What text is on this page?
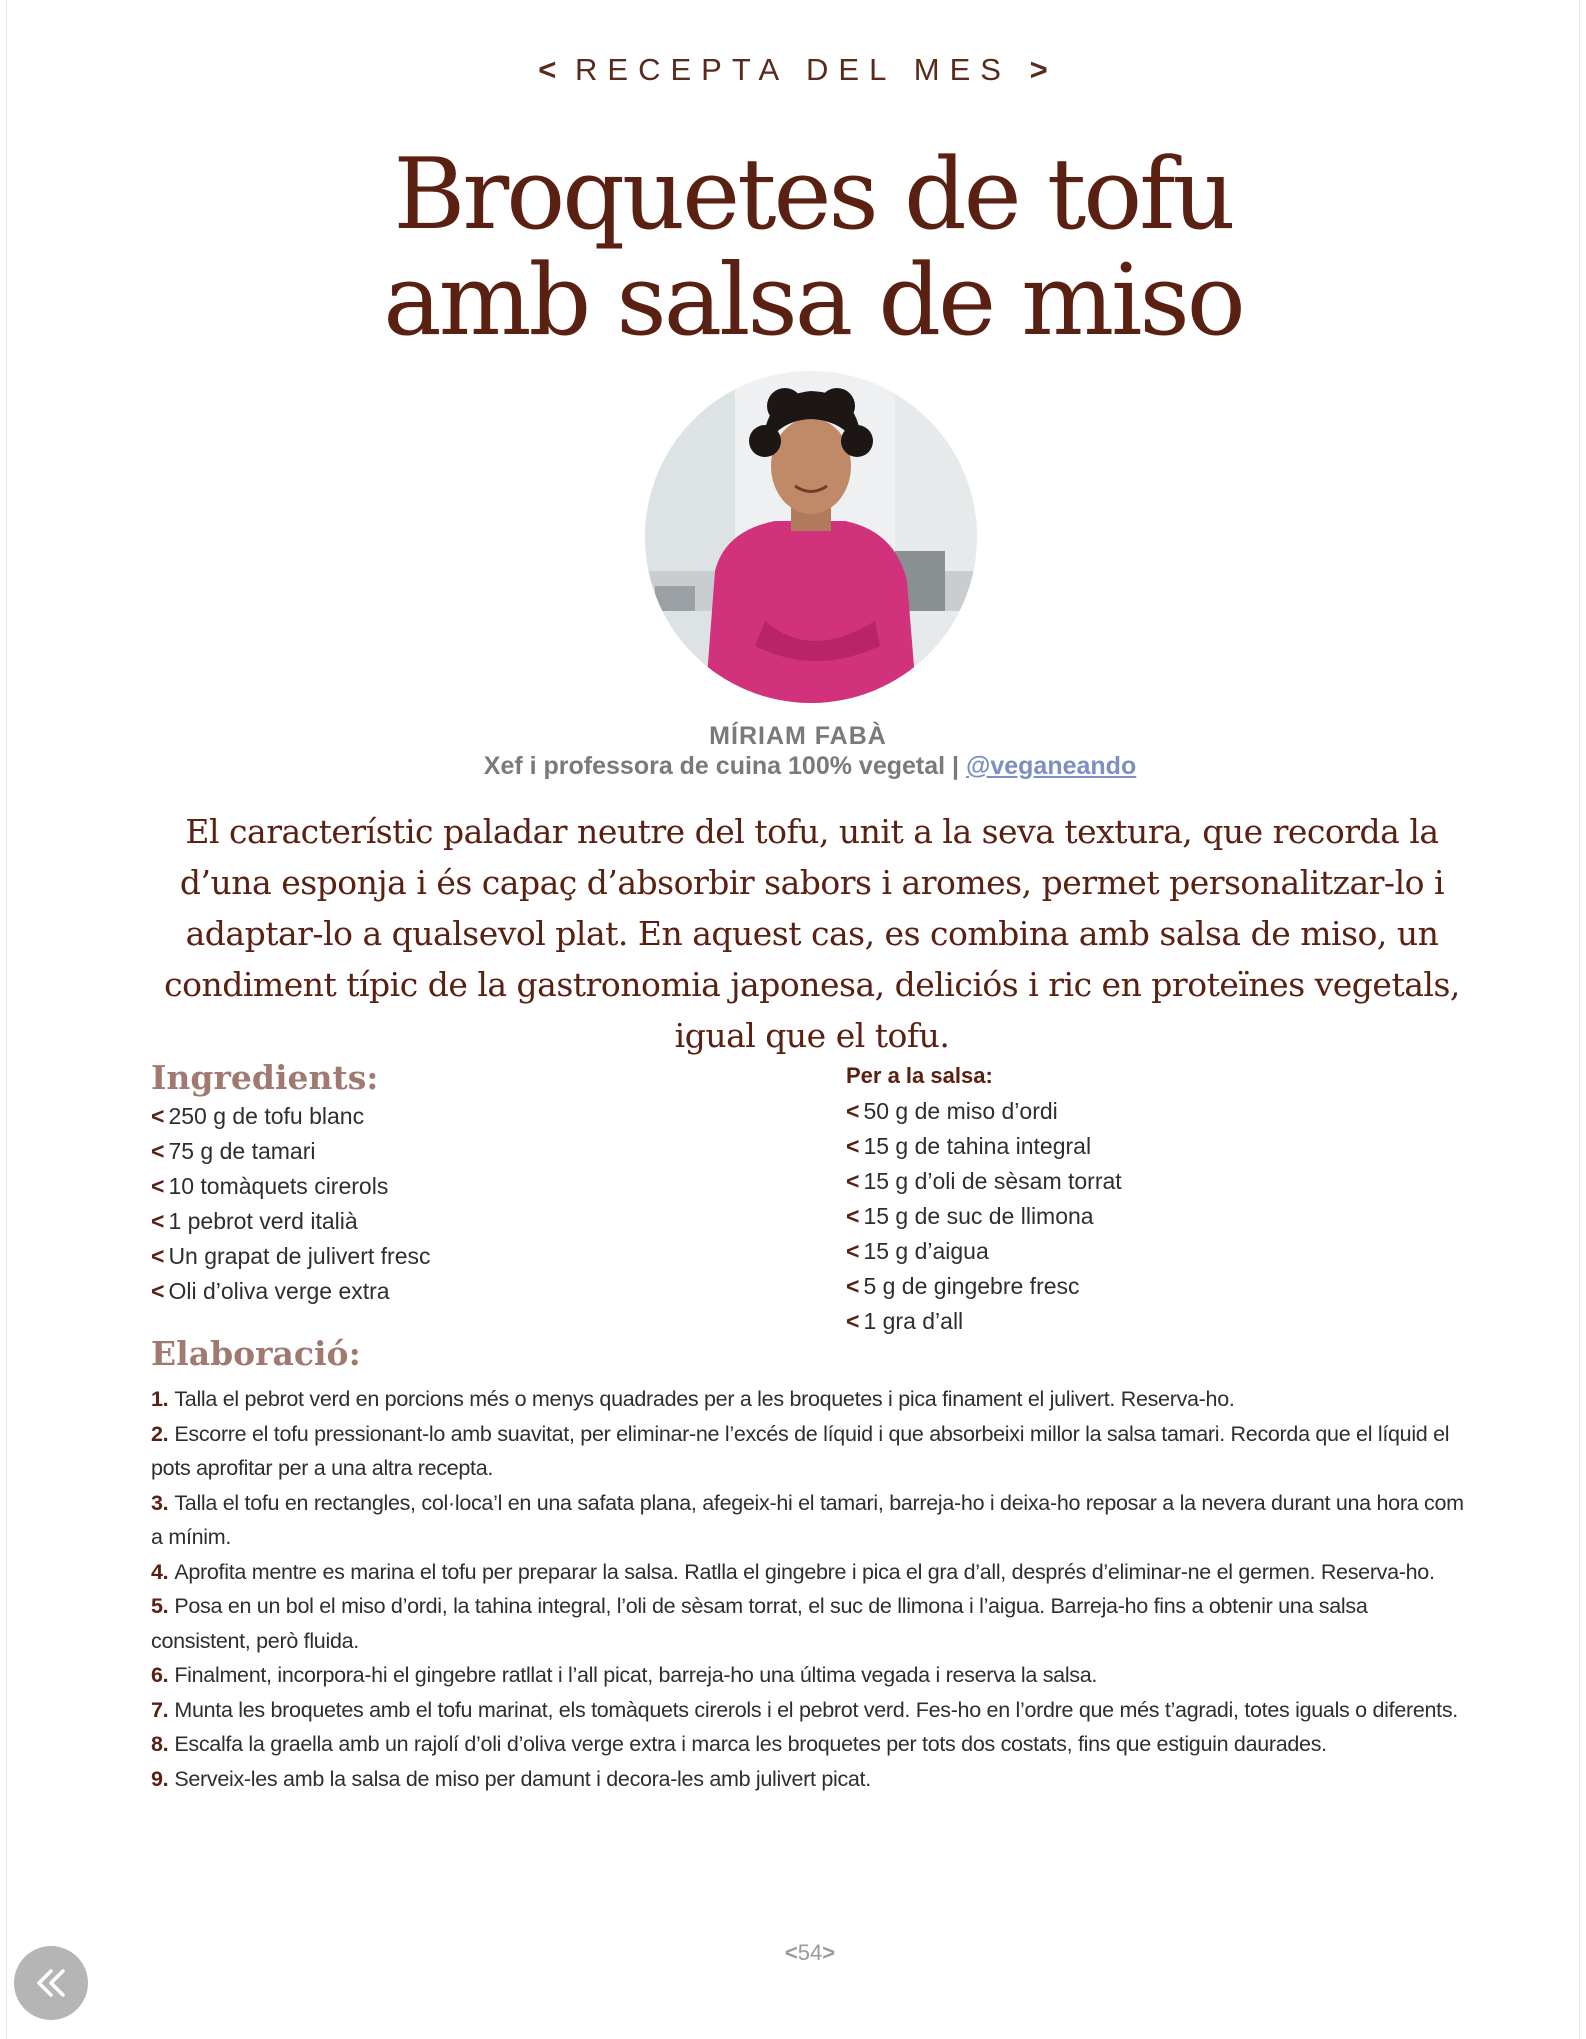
< RECEPTA DEL MES >
Broquetes de tofu
amb salsa de miso
MÍRIAM FABÀ
Xef i professora de cuina 100% vegetal | @veganeando
El característic paladar neutre del tofu, unit a la seva textura, que recorda la d’una esponja i és capaç d’absorbir sabors i aromes, permet personalitzar-lo i adaptar-lo a qualsevol plat. En aquest cas, es combina amb salsa de miso, un condiment típic de la gastronomia japonesa, deliciós i ric en proteïnes vegetals, igual que el tofu.
Ingredients:
< 250 g de tofu blanc
< 75 g de tamari
< 10 tomàquets cirerols
< 1 pebrot verd italià
< Un grapat de julivert fresc
< Oli d’oliva verge extra
Per a la salsa:
< 50 g de miso d’ordi
< 15 g de tahina integral
< 15 g d’oli de sèsam torrat
< 15 g de suc de llimona
< 15 g d’aigua
< 5 g de gingebre fresc
< 1 gra d’all
Elaboració:
1. Talla el pebrot verd en porcions més o menys quadrades per a les broquetes i pica finament el julivert. Reserva-ho.
2. Escorre el tofu pressionant-lo amb suavitat, per eliminar-ne l’excés de líquid i que absorbeixi millor la salsa tamari. Recorda que el líquid el pots aprofitar per a una altra recepta.
3. Talla el tofu en rectangles, col·loca’l en una safata plana, afegeix-hi el tamari, barreja-ho i deixa-ho reposar a la nevera durant una hora com a mínim.
4. Aprofita mentre es marina el tofu per preparar la salsa. Ratlla el gingebre i pica el gra d’all, després d’eliminar-ne el germen. Reserva-ho.
5. Posa en un bol el miso d’ordi, la tahina integral, l’oli de sèsam torrat, el suc de llimona i l’aigua. Barreja-ho fins a obtenir una salsa consistent, però fluida.
6. Finalment, incorpora-hi el gingebre ratllat i l’all picat, barreja-ho una última vegada i reserva la salsa.
7. Munta les broquetes amb el tofu marinat, els tomàquets cirerols i el pebrot verd. Fes-ho en l’ordre que més t’agradi, totes iguals o diferents.
8. Escalfa la graella amb un rajolí d’oli d’oliva verge extra i marca les broquetes per tots dos costats, fins que estiguin daurades.
9. Serveix-les amb la salsa de miso per damunt i decora-les amb julivert picat.
<54>
